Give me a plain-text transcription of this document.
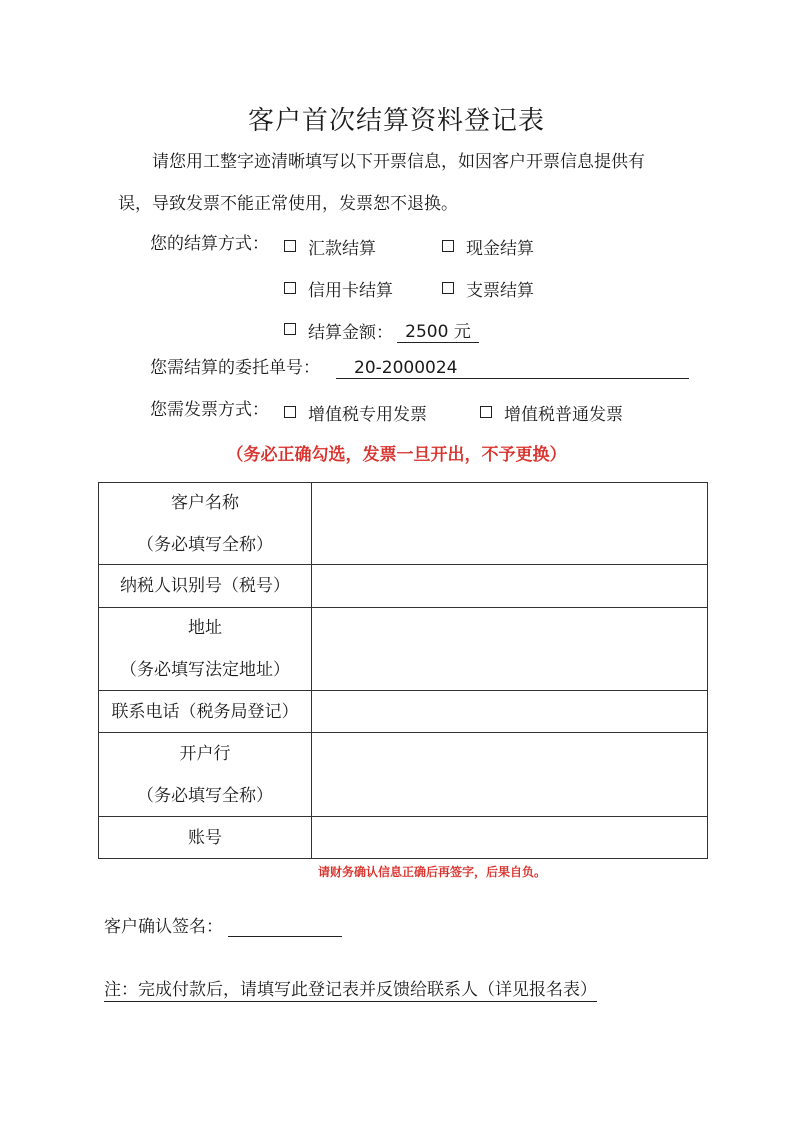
客户首次结算资料登记表
请您用工整字迹清晰填写以下开票信息，如因客户开票信息提供有
误，导致发票不能正常使用，发票恕不退换。
您的结算方式： 汇款结算	现金结算
信用卡结算	支票结算
结算金额： 2500 元
您需结算的委托单号：	20-2000024
您需发票方式： 增值税专用发票	增值税普通发票
（务必正确勾选，发票一旦开出，不予更换）
客户名称
（务必填写全称）	

纳税人识别号（税号）	

地址
（务必填写法定地址）	

联系电话（税务局登记）	

开户行
（务必填写全称）	

账号	

请财务确认信息正确后再签字，后果自负。
客户确认签名：
注：完成付款后，请填写此登记表并反馈给联系人（详见报名表）
